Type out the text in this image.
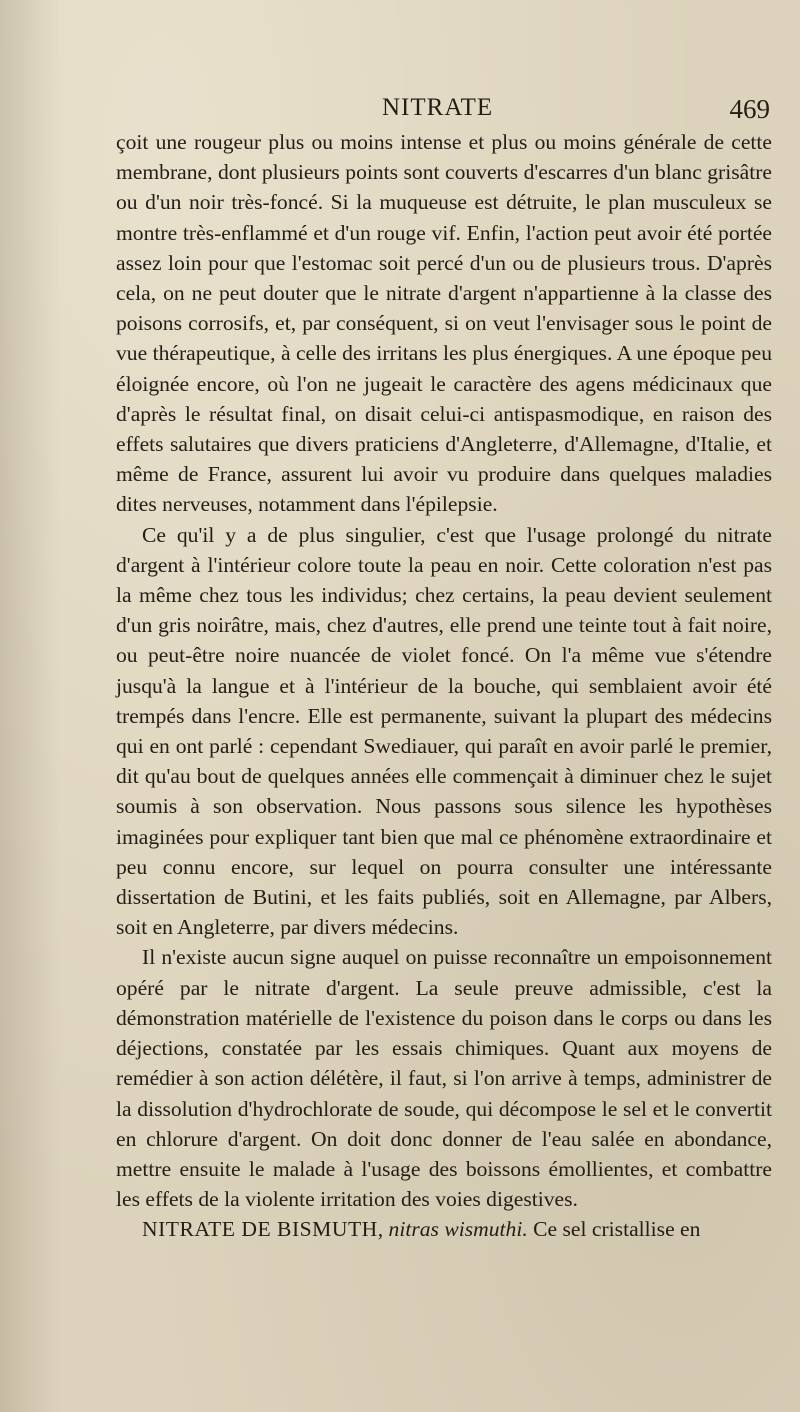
NITRATE	469

çoit une rougeur plus ou moins intense et plus ou moins générale de cette membrane, dont plusieurs points sont couverts d'escarres d'un blanc grisâtre ou d'un noir très-foncé. Si la muqueuse est détruite, le plan musculeux se montre très-enflammé et d'un rouge vif. Enfin, l'action peut avoir été portée assez loin pour que l'estomac soit percé d'un ou de plusieurs trous. D'après cela, on ne peut douter que le nitrate d'argent n'appartienne à la classe des poisons corrosifs, et, par conséquent, si on veut l'envisager sous le point de vue thérapeutique, à celle des irritans les plus énergiques. A une époque peu éloignée encore, où l'on ne jugeait le caractère des agens médicinaux que d'après le résultat final, on disait celui-ci antispasmodique, en raison des effets salutaires que divers praticiens d'Angleterre, d'Allemagne, d'Italie, et même de France, assurent lui avoir vu produire dans quelques maladies dites nerveuses, notamment dans l'épilepsie.

Ce qu'il y a de plus singulier, c'est que l'usage prolongé du nitrate d'argent à l'intérieur colore toute la peau en noir. Cette coloration n'est pas la même chez tous les individus; chez certains, la peau devient seulement d'un gris noirâtre, mais, chez d'autres, elle prend une teinte tout à fait noire, ou peut-être noire nuancée de violet foncé. On l'a même vue s'étendre jusqu'à la langue et à l'intérieur de la bouche, qui semblaient avoir été trempés dans l'encre. Elle est permanente, suivant la plupart des médecins qui en ont parlé : cependant Swediauer, qui paraît en avoir parlé le premier, dit qu'au bout de quelques années elle commençait à diminuer chez le sujet soumis à son observation. Nous passons sous silence les hypothèses imaginées pour expliquer tant bien que mal ce phénomène extraordinaire et peu connu encore, sur lequel on pourra consulter une intéressante dissertation de Butini, et les faits publiés, soit en Allemagne, par Albers, soit en Angleterre, par divers médecins.

Il n'existe aucun signe auquel on puisse reconnaître un empoisonnement opéré par le nitrate d'argent. La seule preuve admissible, c'est la démonstration matérielle de l'existence du poison dans le corps ou dans les déjections, constatée par les essais chimiques. Quant aux moyens de remédier à son action délétère, il faut, si l'on arrive à temps, administrer de la dissolution d'hydrochlorate de soude, qui décompose le sel et le convertit en chlorure d'argent. On doit donc donner de l'eau salée en abondance, mettre ensuite le malade à l'usage des boissons émollientes, et combattre les effets de la violente irritation des voies digestives.

NITRATE DE BISMUTH, nitras wismuthi. Ce sel cristallise en
